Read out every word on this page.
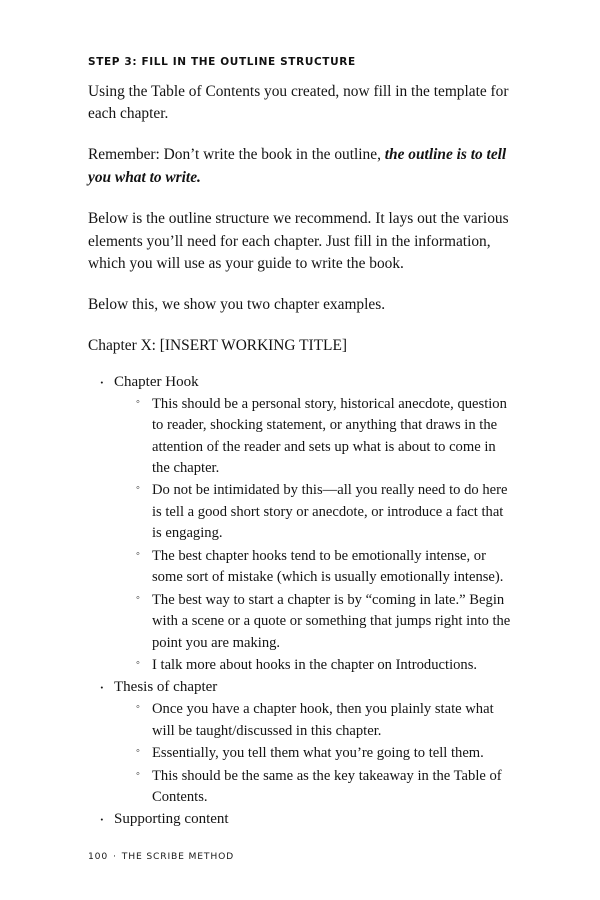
STEP 3: FILL IN THE OUTLINE STRUCTURE

Using the Table of Contents you created, now fill in the template for each chapter.

Remember: Don’t write the book in the outline, the outline is to tell you what to write.

Below is the outline structure we recommend. It lays out the various elements you’ll need for each chapter. Just fill in the information, which you will use as your guide to write the book.

Below this, we show you two chapter examples.

Chapter X: [INSERT WORKING TITLE]

· Chapter Hook
◦ This should be a personal story, historical anecdote, question to reader, shocking statement, or anything that draws in the attention of the reader and sets up what is about to come in the chapter.
◦ Do not be intimidated by this—all you really need to do here is tell a good short story or anecdote, or introduce a fact that is engaging.
◦ The best chapter hooks tend to be emotionally intense, or some sort of mistake (which is usually emotionally intense).
◦ The best way to start a chapter is by “coming in late.” Begin with a scene or a quote or something that jumps right into the point you are making.
◦ I talk more about hooks in the chapter on Introductions.
· Thesis of chapter
◦ Once you have a chapter hook, then you plainly state what will be taught/discussed in this chapter.
◦ Essentially, you tell them what you’re going to tell them.
◦ This should be the same as the key takeaway in the Table of Contents.
· Supporting content
100 · THE SCRIBE METHOD
